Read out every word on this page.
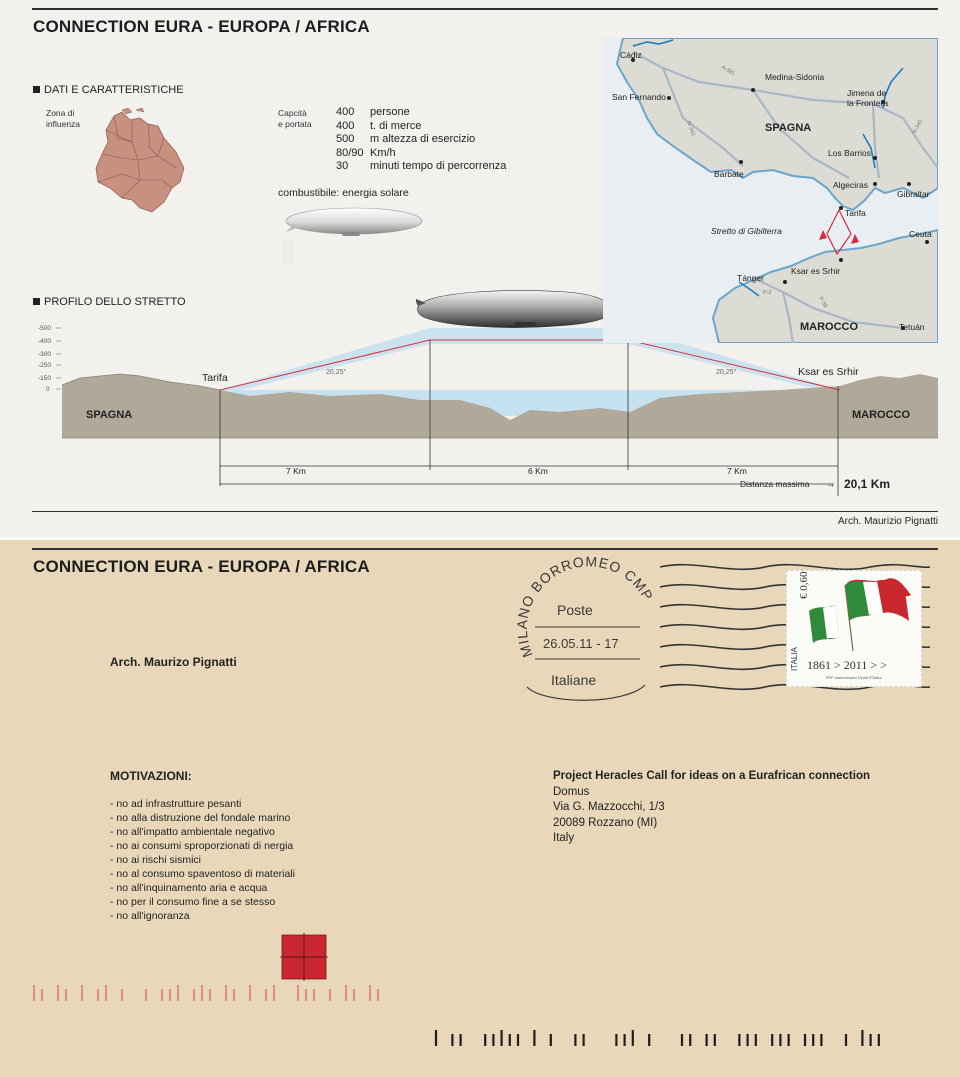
CONNECTION EURA - EUROPA / AFRICA
DATI E CARATTERISTICHE
Zona di
influenza
Capcità
e portata
400	persone
400	t. di merce
500	m altezza di esercizio
80/90 Km/h
30	minuti tempo di percorrenza
combustibile: energia solare
PROFILO DELLO STRETTO
-500
-400
-300
-250
-150
0
Tarifa	Ksar es Srhir
SPAGNA	MAROCCO
20,25°	20,25°
7 Km	6 Km	7 Km
Distanza massima → 20,1 Km
Cádiz
Medina-Sidonia
San Fernando	Jimena de
la Frontera
SPAGNA
Los Barrios
Barbate
Algeciras
Gibraltar
Tarifa
Stretto di Gibilterra	Ceuta
Tánger
Ksar es Srhir
MAROCCO	Tetuán
A-381
N-340	N-340
P-2
P-38
Arch. Maurizio Pignatti
CONNECTION EURA - EUROPA / AFRICA
Arch. Maurizo Pignatti
MILANO BORROMEO CMP
Poste
26.05.11 - 17
Italiane
ITALIA
€ 0,60
1861 > 2011 > >
150° anniversario Unità d'Italia
MOTIVAZIONI:
- no ad infrastrutture pesanti
- no alla distruzione del fondale marino
- no all'impatto ambientale negativo
- no ai consumi sproporzionati di nergia
- no ai rischi sismici
- no al consumo spaventoso di materiali
- no all'inquinamento aria e acqua
- no per il consumo fine a se stesso
- no all'ignoranza
Project Heracles Call for ideas on a Eurafrican connection
Domus
Via G. Mazzocchi, 1/3
20089 Rozzano (MI)
Italy
